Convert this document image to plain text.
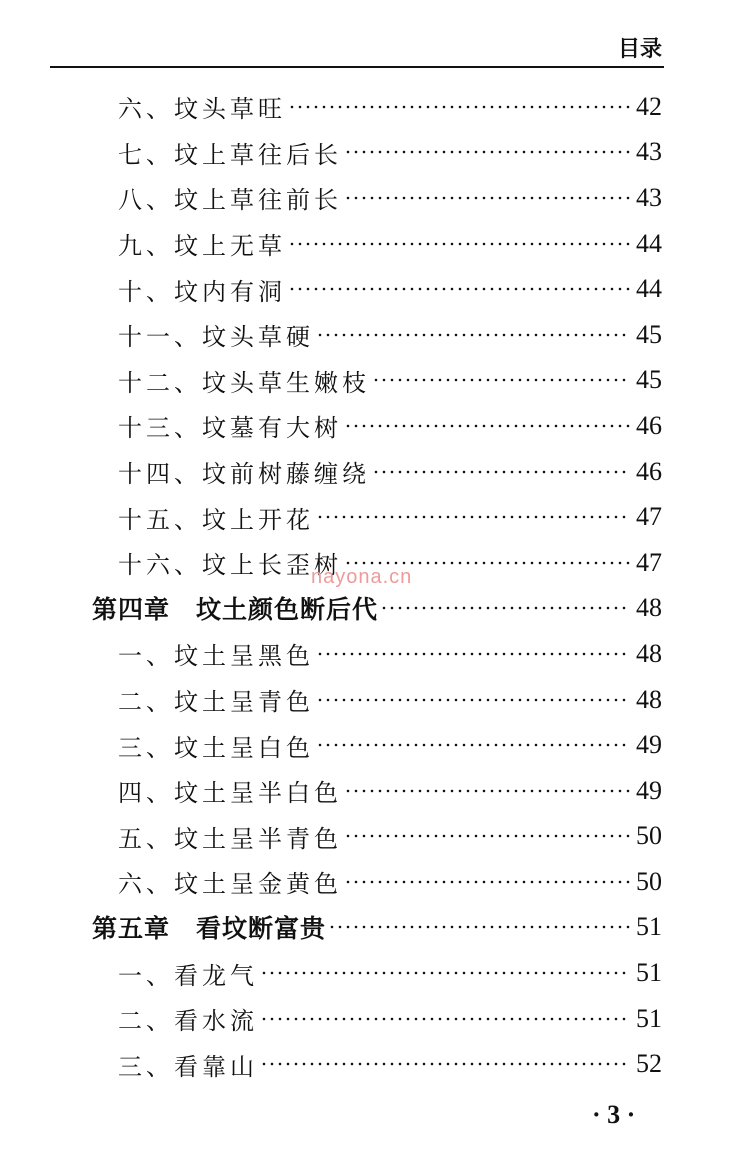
目录
六、坟头草旺	42
七、坟上草往后长	43
八、坟上草往前长	43
九、坟上无草	44
十、坟内有洞	44
十一、坟头草硬	45
十二、坟头草生嫩枝	45
十三、坟墓有大树	46
十四、坟前树藤缠绕	46
十五、坟上开花	47
十六、坟上长歪树	47
第四章　坟土颜色断后代	48
一、坟土呈黑色	48
二、坟土呈青色	48
三、坟土呈白色	49
四、坟土呈半白色	49
五、坟土呈半青色	50
六、坟土呈金黄色	50
第五章　看坟断富贵	51
一、看龙气	51
二、看水流	51
三、看靠山	52
nayona.cn
· 3 ·
